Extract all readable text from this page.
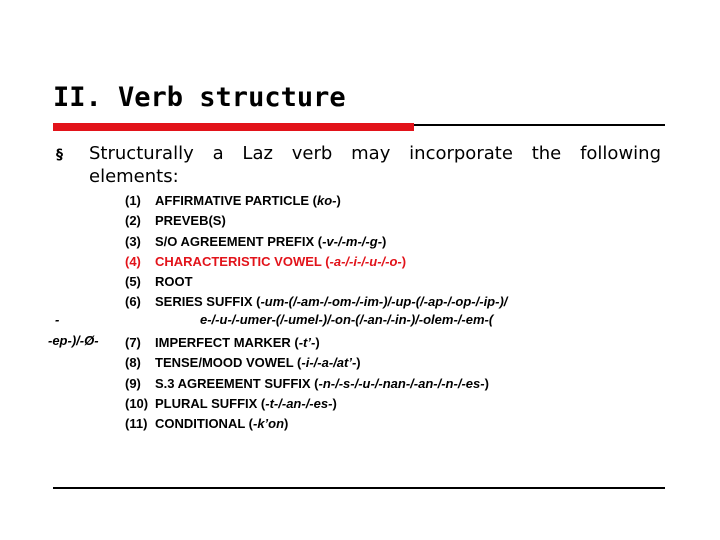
II. Verb structure
§ Structurally a Laz verb may incorporate the following elements:

(1) AFFIRMATIVE PARTICLE (ko-)
(2) PREVEB(S)
(3) S/O AGREEMENT PREFIX (-v-/-m-/-g-)
(4) CHARACTERISTIC VOWEL (-a-/-i-/-u-/-o-)
(5) ROOT
(6) SERIES SUFFIX (-um-(/-am-/-om-/-im-)/-up-(/-ap-/-op-/-ip-)/
(7) IMPERFECT MARKER (-t’-)
(8) TENSE/MOOD VOWEL (-i-/-a-/at’-)
(9) S.3 AGREEMENT SUFFIX (-n-/-s-/-u-/-nan-/-an-/-n-/-es-)
(10) PLURAL SUFFIX (-t-/-an-/-es-)
(11) CONDITIONAL (-k’on)
-	e-/-u-/-umer-(/-umel-)/-on-(/-an-/-in-)/-olem-/-em-(
-ep-)/-Ø-
